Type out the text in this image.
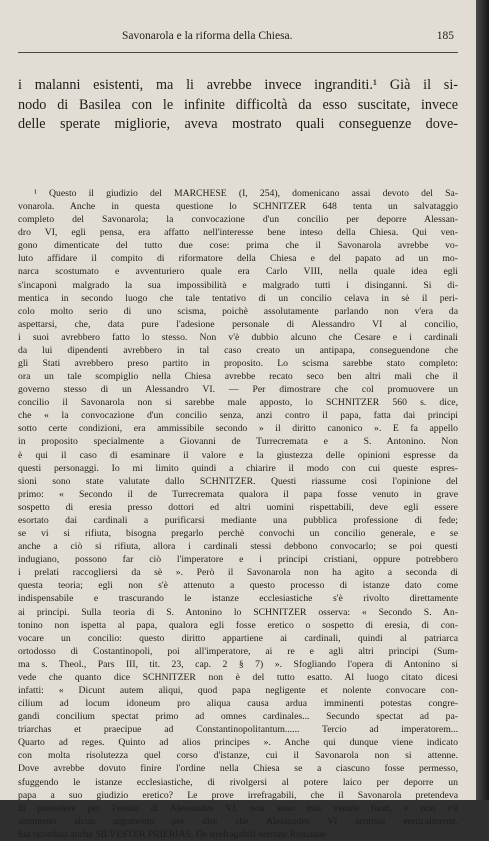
Savonarola e la riforma della Chiesa.	185
i malanni esistenti, ma li avrebbe invece ingranditi.¹ Già il si-
nodo di Basilea con le infinite difficoltà da esso suscitate, invece
delle sperate migliorie, aveva mostrato quali conseguenze dove-
¹ Questo il giudizio del MARCHESE (I, 254), domenicano assai devoto del Sa-
vonarola. Anche in questa questione lo SCHNITZER 648 tenta un salvataggio
completo del Savonarola; la convocazione d'un concilio per deporre Alessan-
dro VI, egli pensa, era affatto nell'interesse bene inteso della Chiesa. Qui ven-
gono dimenticate del tutto due cose: prima che il Savonarola avrebbe vo-
luto affidare il compito di riformatore della Chiesa e del papato ad un mo-
narca scostumato e avventuriero quale era Carlo VIII, nella quale idea egli
s'incaponì malgrado la sua impossibilità e malgrado tutti i disinganni. Si di-
mentica in secondo luogo che tale tentativo di un concilio celava in sè il peri-
colo molto serio di uno scisma, poichè assolutamente parlando non v'era da
aspettarsi, che, data pure l'adesione personale di Alessandro VI al concilio,
i suoi avrebbero fatto lo stesso. Non v'è dubbio alcuno che Cesare e i cardinali
da lui dipendenti avrebbero in tal caso creato un antipapa, conseguendone che
gli Stati avrebbero preso partito in proposito. Lo scisma sarebbe stato completo:
ora un tale scompiglio nella Chiesa avrebbe recato seco ben altri mali che il
governo stesso di un Alessandro VI. — Per dimostrare che col promuovere un
concilio il Savonarola non si sarebbe male apposto, lo SCHNITZER 560 s. dice,
che « la convocazione d'un concilio senza, anzi contro il papa, fatta dai principi
sotto certe condizioni, era ammissibile secondo » il diritto canonico ». E fa appello
in proposito specialmente a Giovanni de Turrecremata e a S. Antonino. Non
è qui il caso di esaminare il valore e la giustezza delle opinioni espresse da
questi personaggi. Io mi limito quindi a chiarire il modo con cui queste espres-
sioni sono state valutate dallo SCHNITZER. Questi riassume così l'opinione del
primo: « Secondo il de Turrecremata qualora il papa fosse venuto in grave
sospetto di eresia presso dottori ed altri uomini rispettabili, deve egli essere
esortato dai cardinali a purificarsi mediante una pubblica professione di fede;
se vi si rifiuta, bisogna pregarlo perchè convochi un concilio generale, e se
anche a ciò si rifiuta, allora i cardinali stessi debbono convocarlo; se poi questi
indugiano, possono far ciò l'imperatore e i principi cristiani, oppure potrebbero
i prelati raccogliersi da sè ». Però il Savonarola non ha agito a seconda di
questa teoria; egli non s'è attenuto a questo processo di istanze dato come
indispensabile e trascurando le istanze ecclesiastiche s'è rivolto direttamente
ai principi. Sulla teoria di S. Antonino lo SCHNITZER osserva: « Secondo S. An-
tonino non ispetta al papa, qualora egli fosse eretico o sospetto di eresia, di con-
vocare un concilio: questo diritto appartiene ai cardinali, quindi al patriarca
ortodosso di Costantinopoli, poi all'imperatore, ai re e agli altri principi (Sum-
ma s. Theol., Pars III, tit. 23, cap. 2 § 7) ». Sfogliando l'opera di Antonino si
vede che quanto dice SCHNITZER non è del tutto esatto. Al luogo citato dicesi
infatti: « Dicunt autem aliqui, quod papa negligente et nolente convocare con-
cilium ad locum idoneum pro aliqua causa ardua imminenti potestas congre-
gandi concilium spectat primo ad omnes cardinales... Secundo spectat ad pa-
triarchas et praecipue ad Constantinopolitantum...... Tercio ad imperatorem...
Quarto ad reges. Quinto ad alios principes ». Anche qui dunque viene indicato
con molta risolutezza quel corso d'istanze, cui il Savonarola non si attenne.
Dove avrebbe dovuto finire l'ordine nella Chiesa se a ciascuno fosse permesso,
sfuggendo le istanze ecclesiastiche, di rivolgersi al potere laico per deporre un
papa a suo giudizio eretico? Le prove irrefragabili, che il Savonarola pretendeva
di possedere per l'eresia di Alessandro VI, non sono mai venute fuori, e non v'è
nemmeno alcun argomento per dire che Alessandro VI sentisse ereticalmente.
Sia ricordato anche SILVESTER PRIERIAS, De irrefragabili veritate Romanae
